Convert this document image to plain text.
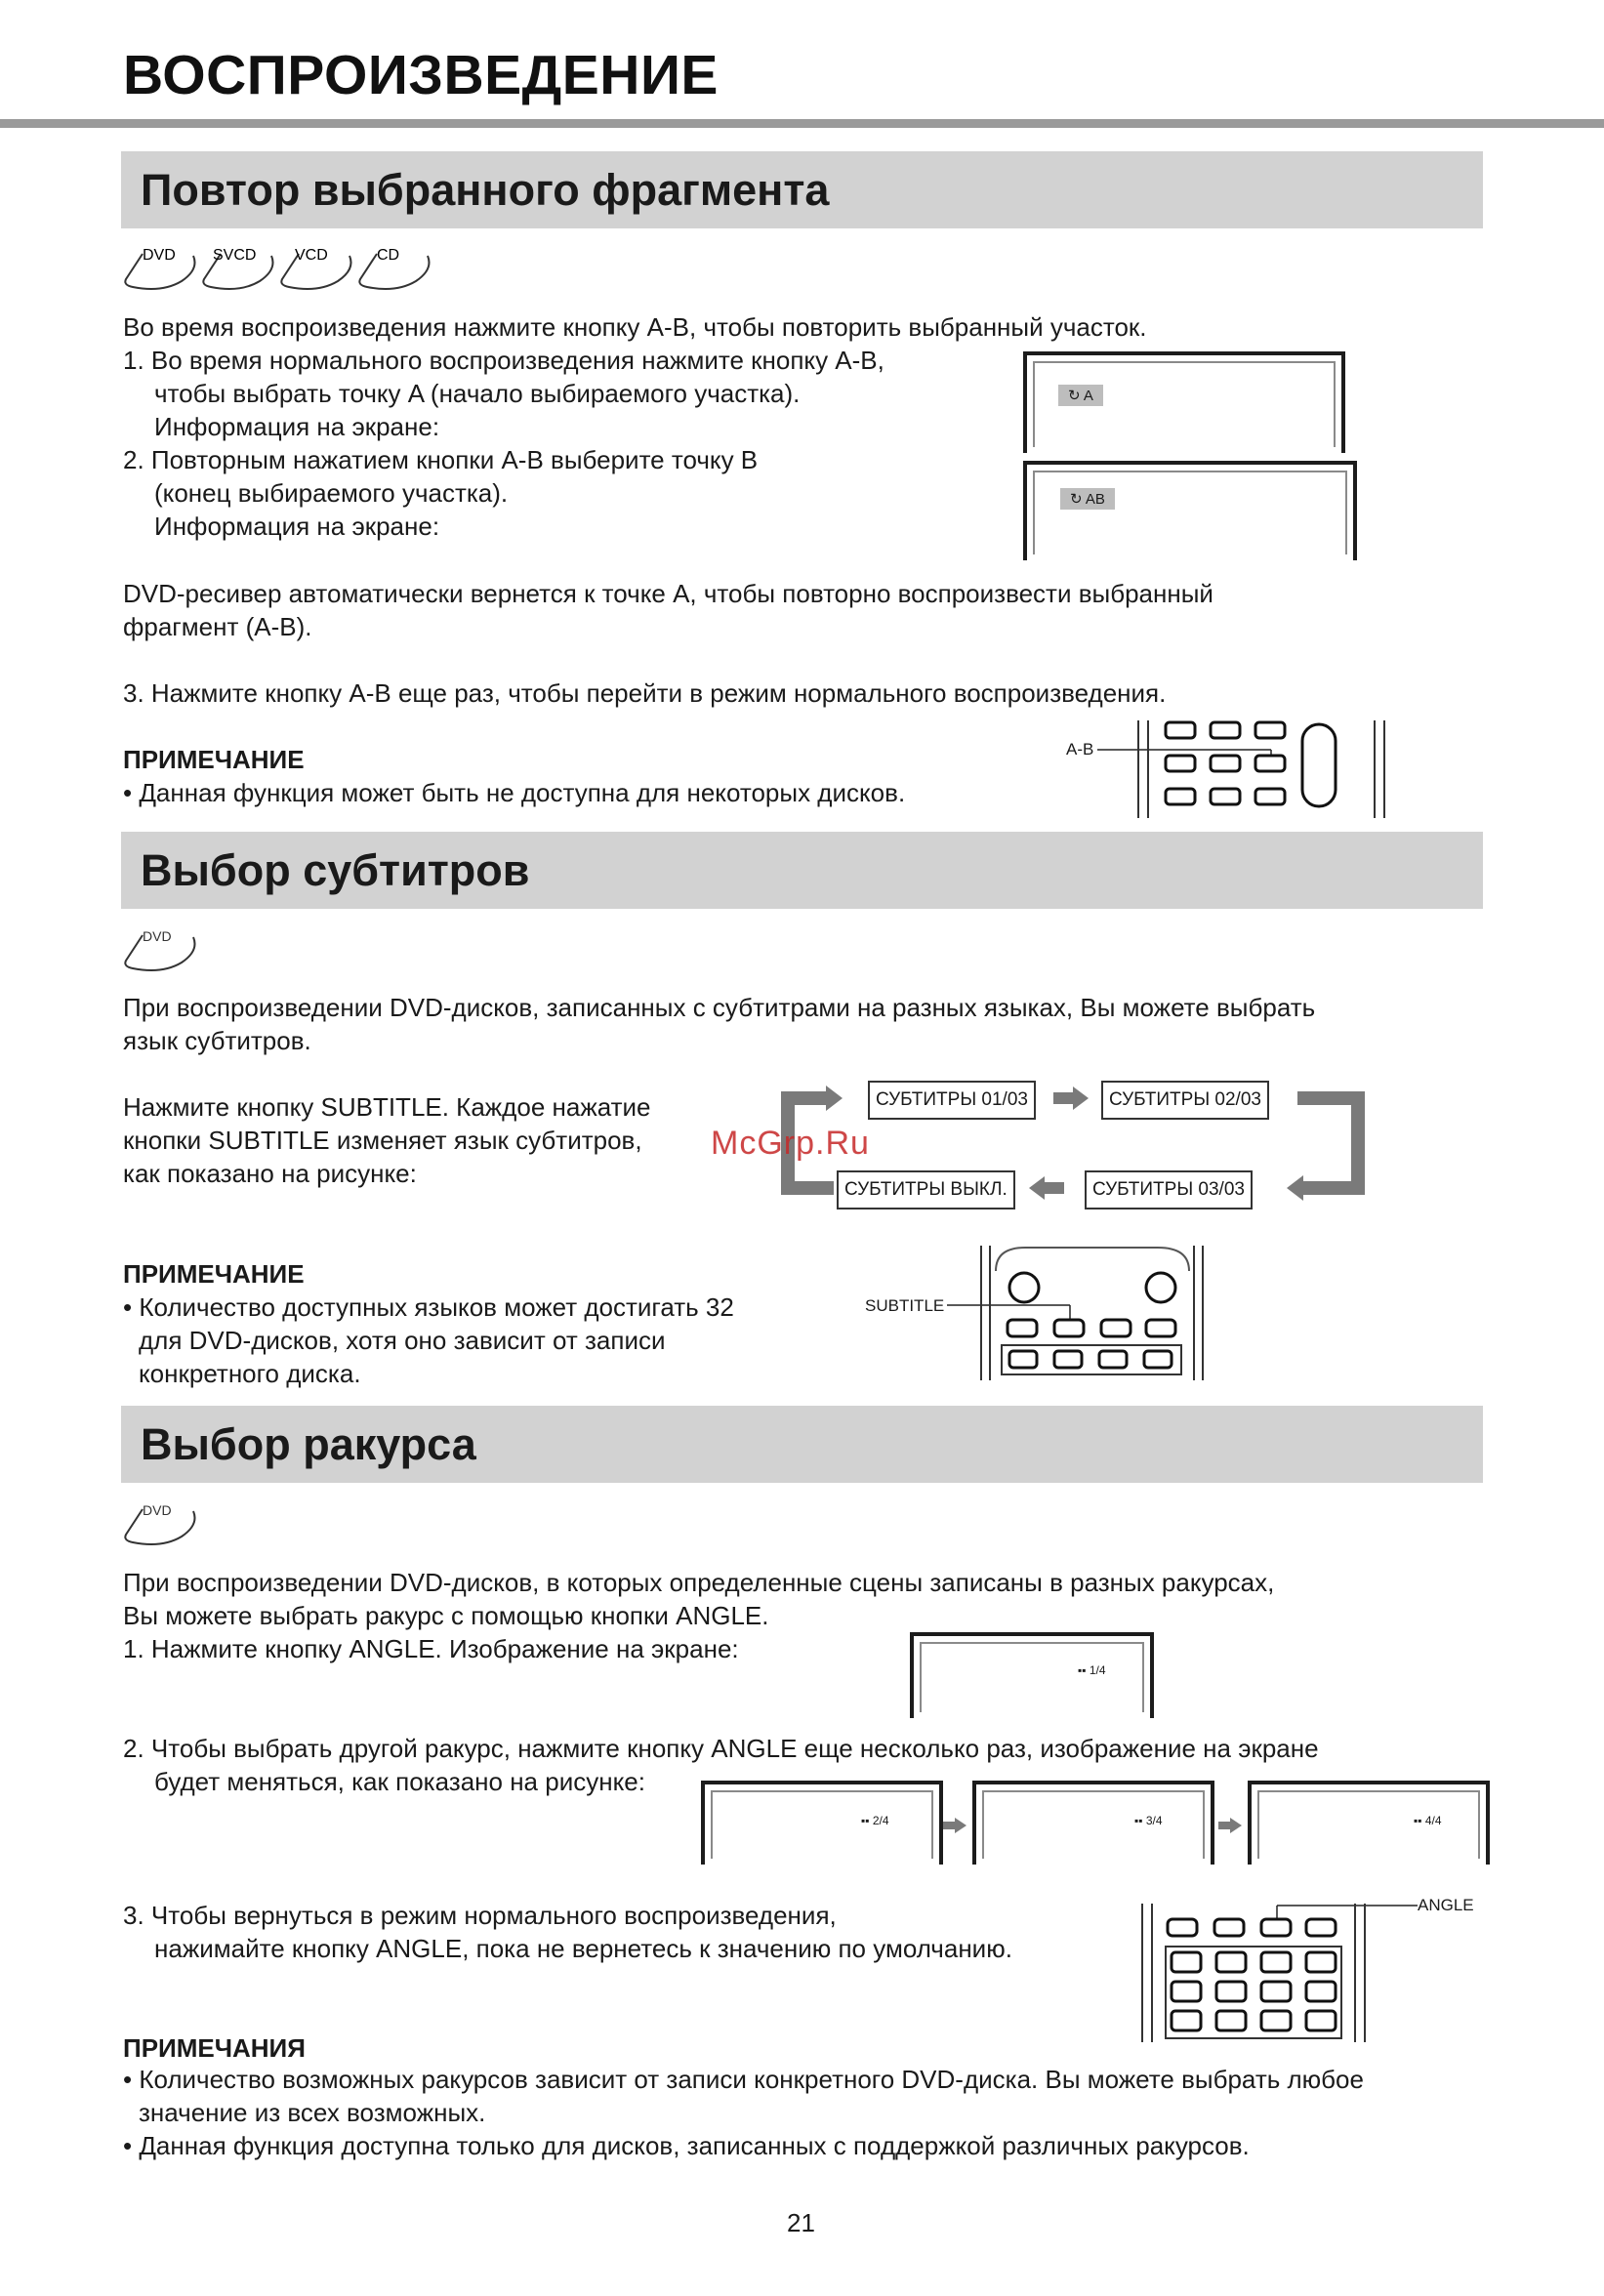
ВОСПРОИЗВЕДЕНИЕ
Повтор выбранного фрагмента
DVD SVCD VCD	CD
Во время воспроизведения нажмите кнопку A-B, чтобы повторить выбранный участок.
1. Во время нормального воспроизведения нажмите кнопку A-B,
чтобы выбрать точку A (начало выбираемого участка).
Информация на экране:
2. Повторным нажатием кнопки A-B выберите точку B
(конец выбираемого участка).
Информация на экране:
↻ A
↻ AB
DVD-ресивер автоматически вернется к точке A, чтобы повторно воспроизвести выбранный
фрагмент (A-B).
3. Нажмите кнопку A-B еще раз, чтобы перейти в режим нормального воспроизведения.
ПРИМЕЧАНИЕ
• Данная функция может быть не доступна для некоторых дисков.
A-B
Выбор субтитров
DVD
При воспроизведении DVD-дисков, записанных с субтитрами на разных языках, Вы можете выбрать
язык субтитров.
Нажмите кнопку SUBTITLE. Каждое нажатие
кнопки SUBTITLE изменяет язык субтитров,
как показано на рисунке:
СУБТИТРЫ 01/03	СУБТИТРЫ 02/03
СУБТИТРЫ 03/03
СУБТИТРЫ ВЫКЛ.
McGrp.Ru
ПРИМЕЧАНИЕ
• Количество доступных языков может достигать 32
для DVD-дисков, хотя оно зависит от записи
конкретного диска.
SUBTITLE
Выбор ракурса
DVD
При воспроизведении DVD-дисков, в которых определенные сцены записаны в разных ракурсах,
Вы можете выбрать ракурс с помощью кнопки ANGLE.
1. Нажмите кнопку ANGLE. Изображение на экране:
▪▪ 1/4
2. Чтобы выбрать другой ракурс, нажмите кнопку ANGLE еще несколько раз, изображение на экране
будет меняться, как показано на рисунке:
▪▪ 2/4	▪▪ 3/4	▪▪ 4/4
3. Чтобы вернуться в режим нормального воспроизведения,
нажимайте кнопку ANGLE, пока не вернетесь к значению по умолчанию.
ANGLE
ПРИМЕЧАНИЯ
• Количество возможных ракурсов зависит от записи конкретного DVD-диска. Вы можете выбрать любое
значение из всех возможных.
• Данная функция доступна только для дисков, записанных с поддержкой различных ракурсов.
21
